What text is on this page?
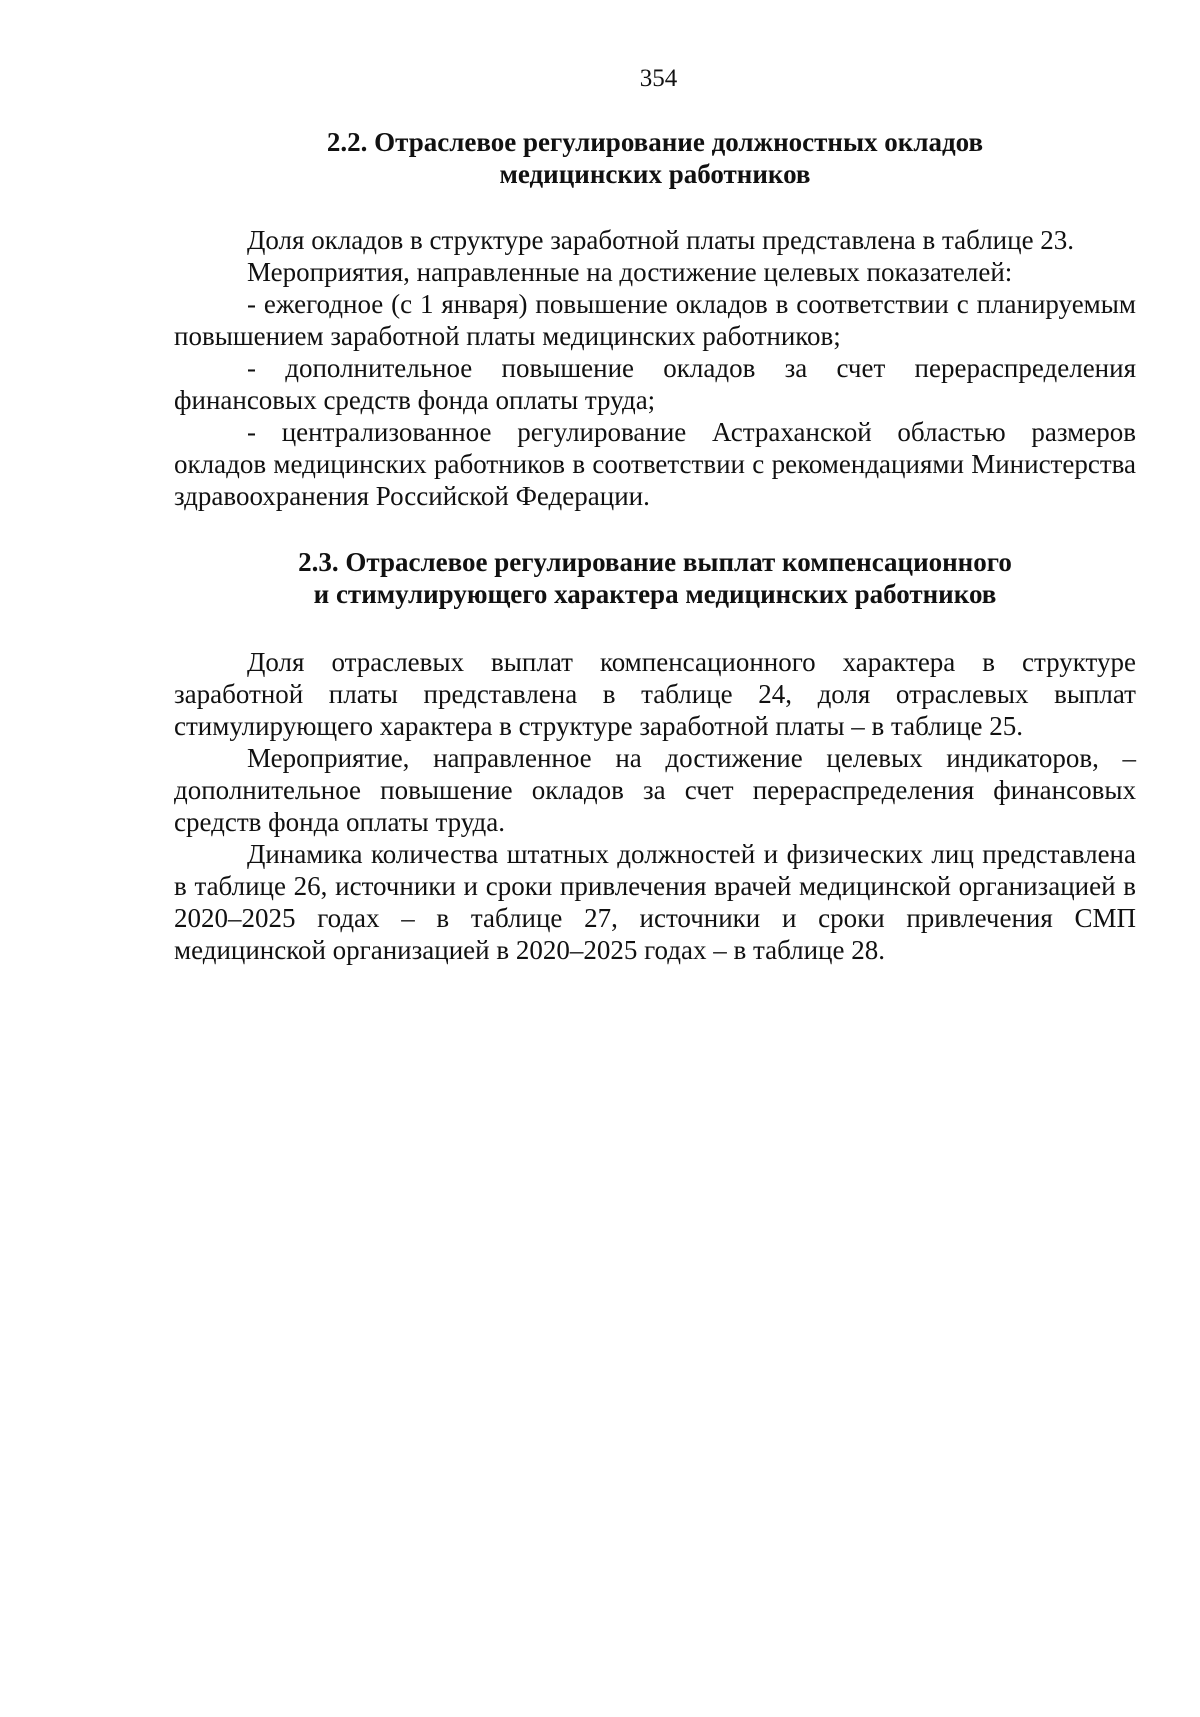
354
2.2. Отраслевое регулирование должностных окладов
медицинских работников

Доля окладов в структуре заработной платы представлена в таблице 23.

Мероприятия, направленные на достижение целевых показателей:

- ежегодное (с 1 января) повышение окладов в соответствии с планируемым повышением заработной платы медицинских работников;

- дополнительное повышение окладов за счет перераспределения финансовых средств фонда оплаты труда;

- централизованное регулирование Астраханской областью размеров окладов медицинских работников в соответствии с рекомендациями Министерства здравоохранения Российской Федерации.

2.3. Отраслевое регулирование выплат компенсационного
и стимулирующего характера медицинских работников

Доля отраслевых выплат компенсационного характера в структуре заработной платы представлена в таблице 24, доля отраслевых выплат стимулирующего характера в структуре заработной платы – в таблице 25.

Мероприятие, направленное на достижение целевых индикаторов, – дополнительное повышение окладов за счет перераспределения финансовых средств фонда оплаты труда.

Динамика количества штатных должностей и физических лиц представлена в таблице 26, источники и сроки привлечения врачей медицинской организацией в 2020–2025 годах – в таблице 27, источники и сроки привлечения СМП медицинской организацией в 2020–2025 годах – в таблице 28.
